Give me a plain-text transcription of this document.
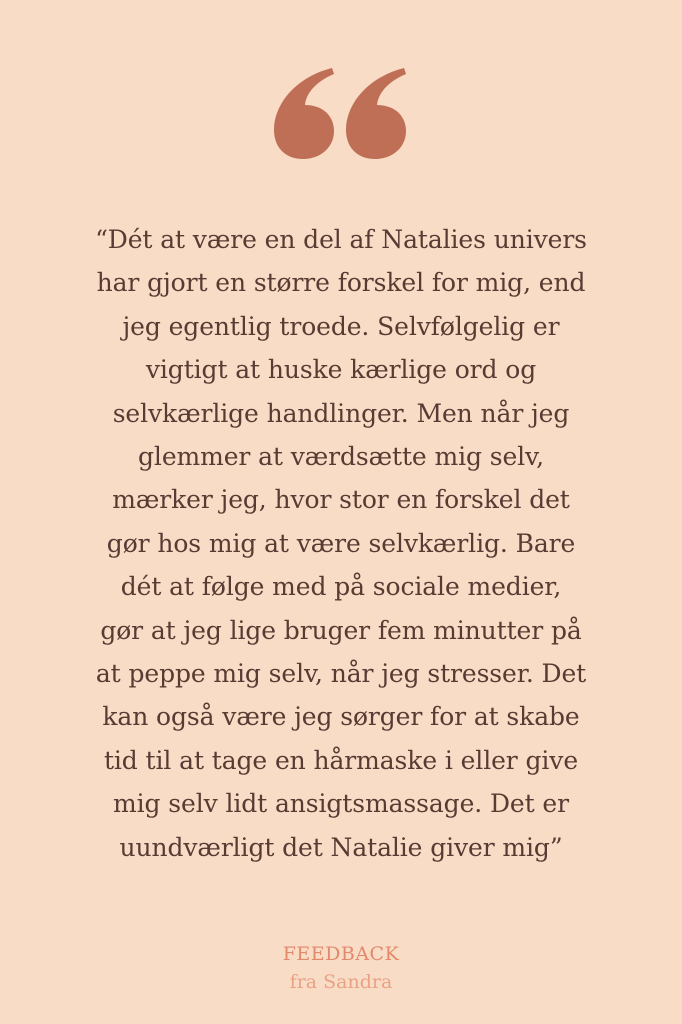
“Dét at være en del af Natalies univers
har gjort en større forskel for mig, end
jeg egentlig troede. Selvfølgelig er
vigtigt at huske kærlige ord og
selvkærlige handlinger. Men når jeg
glemmer at værdsætte mig selv,
mærker jeg, hvor stor en forskel det
gør hos mig at være selvkærlig. Bare
dét at følge med på sociale medier,
gør at jeg lige bruger fem minutter på
at peppe mig selv, når jeg stresser. Det
kan også være jeg sørger for at skabe
tid til at tage en hårmaske i eller give
mig selv lidt ansigtsmassage. Det er
uundværligt det Natalie giver mig”

FEEDBACK
fra Sandra
